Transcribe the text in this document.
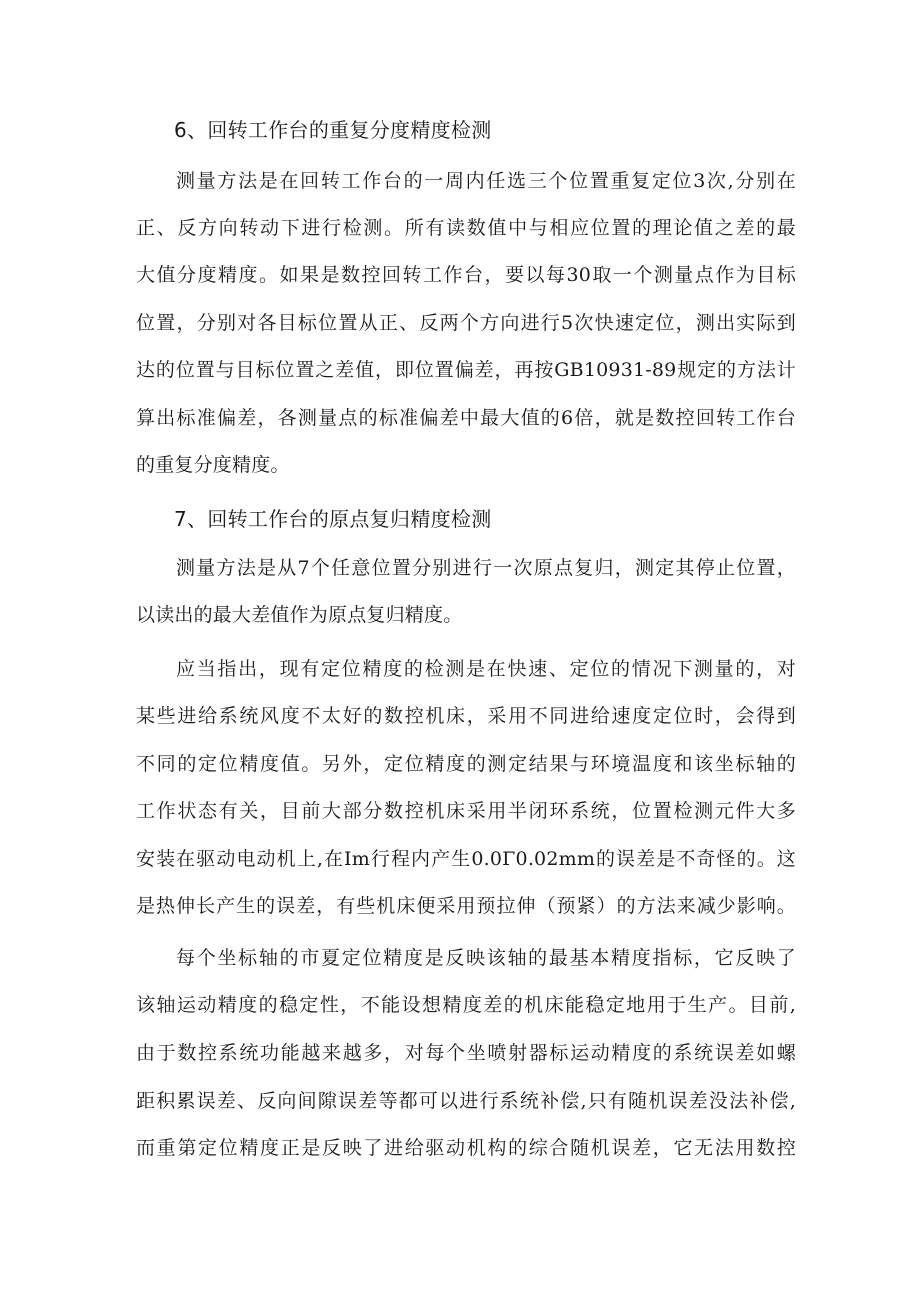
6、回转工作台的重复分度精度检测
测量方法是在回转工作台的一周内任选三个位置重复定位3次,分别在
正、反方向转动下进行检测。所有读数值中与相应位置的理论值之差的最
大值分度精度。如果是数控回转工作台，要以每30取一个测量点作为目标
位置，分别对各目标位置从正、反两个方向进行5次快速定位，测出实际到
达的位置与目标位置之差值，即位置偏差，再按GB10931-89规定的方法计
算出标准偏差，各测量点的标准偏差中最大值的6倍，就是数控回转工作台
的重复分度精度。
7、回转工作台的原点复归精度检测
测量方法是从7个任意位置分别进行一次原点复归，测定其停止位置，
以读出的最大差值作为原点复归精度。
应当指出，现有定位精度的检测是在快速、定位的情况下测量的，对
某些进给系统风度不太好的数控机床，采用不同进给速度定位时，会得到
不同的定位精度值。另外，定位精度的测定结果与环境温度和该坐标轴的
工作状态有关，目前大部分数控机床采用半闭环系统，位置检测元件大多
安装在驱动电动机上,在Im行程内产生0.0Γ0.02mm的误差是不奇怪的。这
是热伸长产生的误差，有些机床便采用预拉伸（预紧）的方法来减少影响。
每个坐标轴的市夏定位精度是反映该轴的最基本精度指标，它反映了
该轴运动精度的稳定性，不能设想精度差的机床能稳定地用于生产。目前,
由于数控系统功能越来越多，对每个坐喷射器标运动精度的系统误差如螺
距积累误差、反向间隙误差等都可以进行系统补偿,只有随机误差没法补偿,
而重第定位精度正是反映了进给驱动机构的综合随机误差，它无法用数控
